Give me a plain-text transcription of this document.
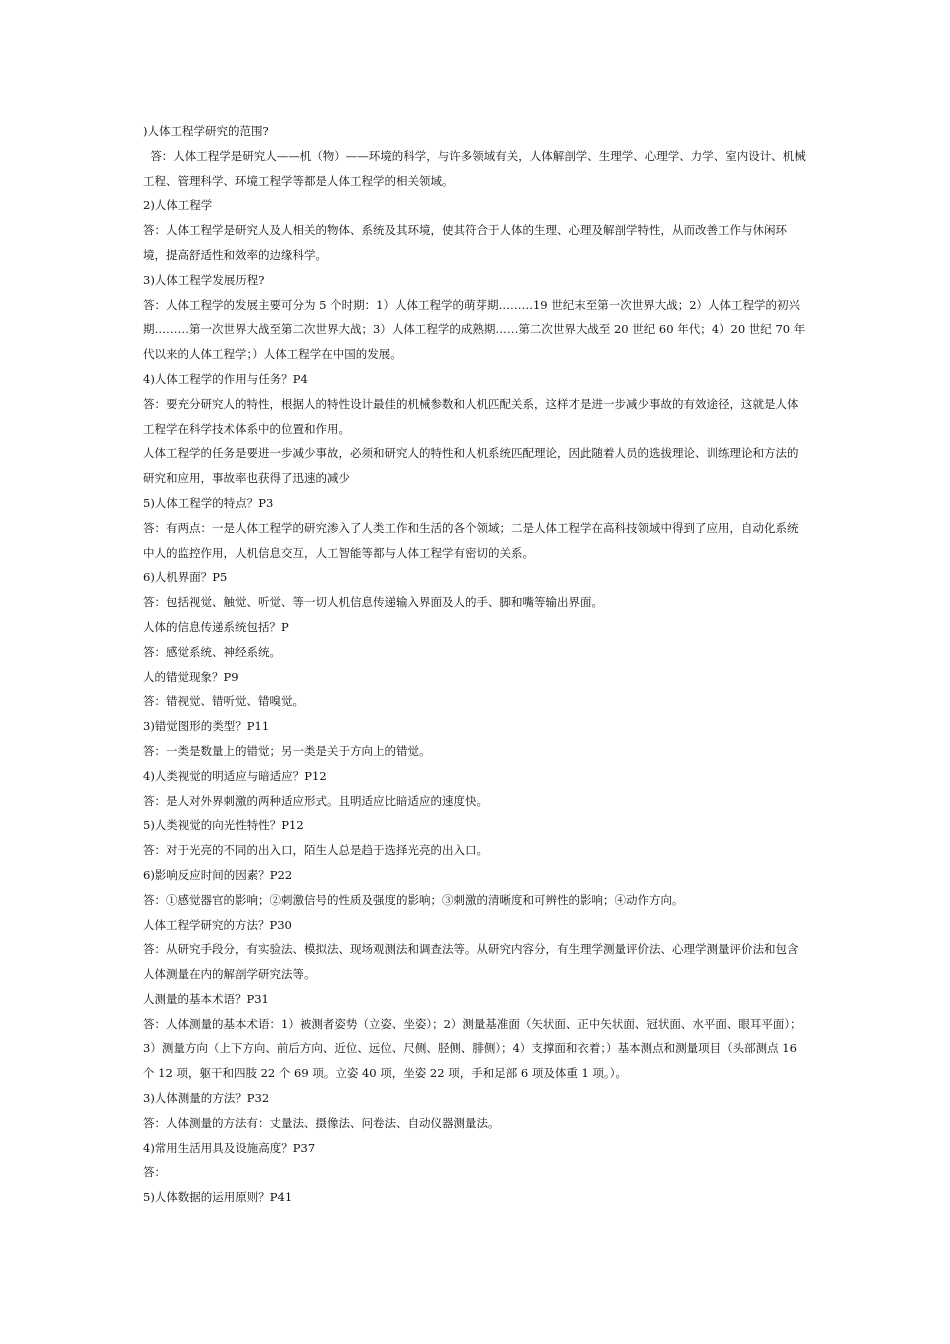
)人体工程学研究的范围?
答：人体工程学是研究人——机（物）——环境的科学，与许多领域有关，人体解剖学、生理学、心理学、力学、室内设计、机械工程、管理科学、环境工程学等都是人体工程学的相关领域。
2)人体工程学
答：人体工程学是研究人及人相关的物体、系统及其环境，使其符合于人体的生理、心理及解剖学特性，从而改善工作与休闲环境，提高舒适性和效率的边缘科学。
3)人体工程学发展历程?
答：人体工程学的发展主要可分为 5 个时期：1）人体工程学的萌芽期………19 世纪末至第一次世界大战；2）人体工程学的初兴期………第一次世界大战至第二次世界大战；3）人体工程学的成熟期……第二次世界大战至 20 世纪 60 年代；4）20 世纪 70 年代以来的人体工程学；）人体工程学在中国的发展。
4)人体工程学的作用与任务？P4
答：要充分研究人的特性，根据人的特性设计最佳的机械参数和人机匹配关系，这样才是进一步减少事故的有效途径，这就是人体工程学在科学技术体系中的位置和作用。
人体工程学的任务是要进一步减少事故，必须和研究人的特性和人机系统匹配理论，因此随着人员的选拔理论、训练理论和方法的研究和应用，事故率也获得了迅速的减少
5)人体工程学的特点？P3
答：有两点：一是人体工程学的研究渗入了人类工作和生活的各个领域；二是人体工程学在高科技领域中得到了应用，自动化系统中人的监控作用，人机信息交互，人工智能等都与人体工程学有密切的关系。
6)人机界面？P5
答：包括视觉、触觉、听觉、等一切人机信息传递输入界面及人的手、脚和嘴等输出界面。
人体的信息传递系统包括？P
答：感觉系统、神经系统。
人的错觉现象？P9
答：错视觉、错听觉、错嗅觉。
3)错觉图形的类型？P11
答：一类是数量上的错觉；另一类是关于方向上的错觉。
4)人类视觉的明适应与暗适应？P12
答：是人对外界刺激的两种适应形式。且明适应比暗适应的速度快。
5)人类视觉的向光性特性？P12
答：对于光亮的不同的出入口，陌生人总是趋于选择光亮的出入口。
6)影响反应时间的因素？P22
答：①感觉器官的影响；②刺激信号的性质及强度的影响；③刺激的清晰度和可辨性的影响；④动作方向。
人体工程学研究的方法？P30
答：从研究手段分，有实验法、模拟法、现场观测法和调查法等。从研究内容分，有生理学测量评价法、心理学测量评价法和包含人体测量在内的解剖学研究法等。
人测量的基本术语？P31
答：人体测量的基本术语：1）被测者姿势（立姿、坐姿）；2）测量基准面（矢状面、正中矢状面、冠状面、水平面、眼耳平面）；3）测量方向（上下方向、前后方向、近位、远位、尺侧、胫侧、腓侧）；4）支撑面和衣着；）基本测点和测量项目（头部测点 16 个 12 项，躯干和四肢 22 个 69 项。立姿 40 项，坐姿 22 项，手和足部 6 项及体重 1 项。）。
3)人体测量的方法？P32
答：人体测量的方法有：丈量法、摄像法、问卷法、自动仪器测量法。
4)常用生活用具及设施高度？P37
答：
5)人体数据的运用原则？P41
